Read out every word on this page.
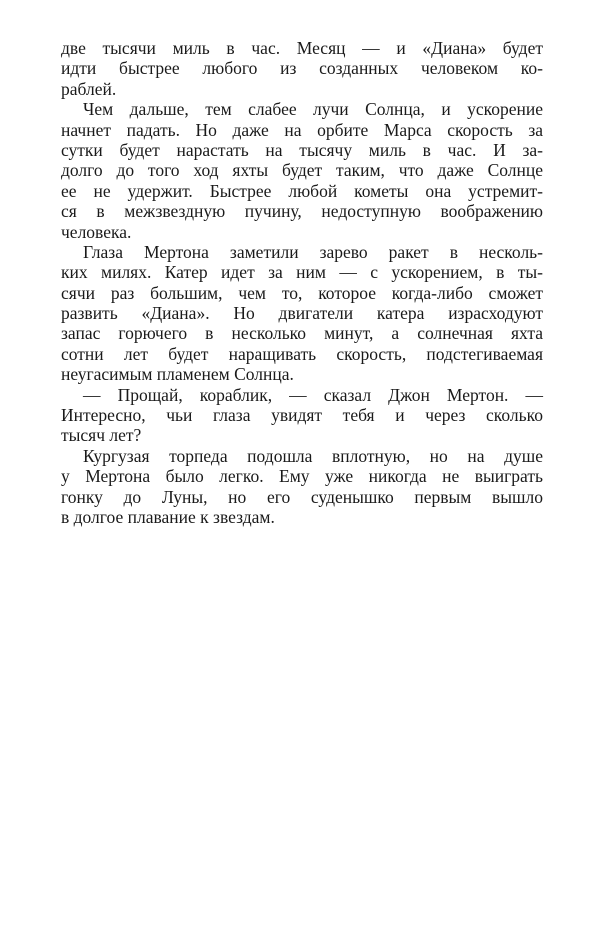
две тысячи миль в час. Месяц — и «Диана» будет
идти быстрее любого из созданных человеком ко-
раблей.
Чем дальше, тем слабее лучи Солнца, и ускорение
начнет падать. Но даже на орбите Марса скорость за
сутки будет нарастать на тысячу миль в час. И за-
долго до того ход яхты будет таким, что даже Солнце
ее не удержит. Быстрее любой кометы она устремит-
ся в межзвездную пучину, недоступную воображению
человека.
Глаза Мертона заметили зарево ракет в несколь-
ких милях. Катер идет за ним — с ускорением, в ты-
сячи раз большим, чем то, которое когда-либо сможет
развить «Диана». Но двигатели катера израсходуют
запас горючего в несколько минут, а солнечная яхта
сотни лет будет наращивать скорость, подстегиваемая
неугасимым пламенем Солнца.
— Прощай, кораблик, — сказал Джон Мертон. —
Интересно, чьи глаза увидят тебя и через сколько
тысяч лет?
Кургузая торпеда подошла вплотную, но на душе
у Мертона было легко. Ему уже никогда не выиграть
гонку до Луны, но его суденышко первым вышло
в долгое плавание к звездам.
